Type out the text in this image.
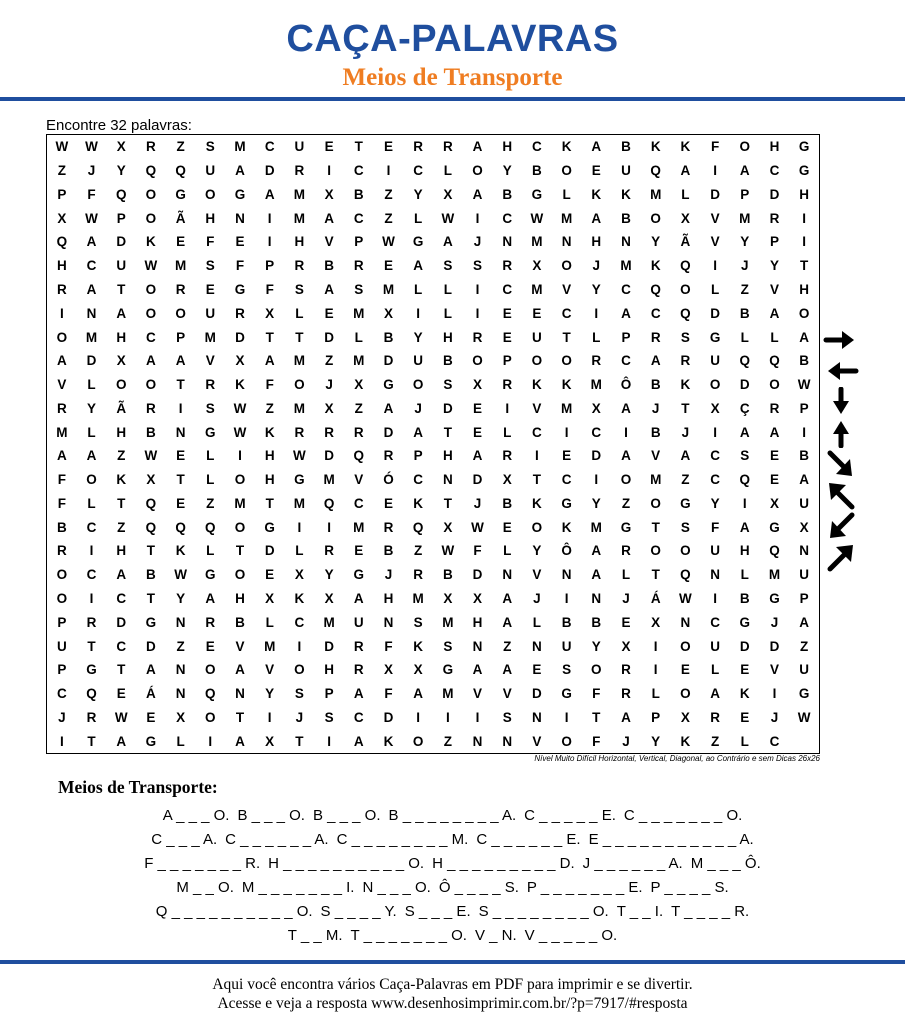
CAÇA-PALAVRAS
Meios de Transporte
Encontre 32 palavras:
W	W	X	R	Z	S	M	C	U	E	T	E	R	R	A	H	C	K	A	B	K	K	F	O	H	G
Z	J	Y	Q	Q	U	A	D	R	I	C	I	C	L	O	Y	B	O	E	U	Q	A	I	A	C	G
P	F	Q	O	G	O	G	A	M	X	B	Z	Y	X	A	B	G	L	K	K	M	L	D	P	D	H
X	W	P	O	Ã	H	N	I	M	A	C	Z	L	W	I	C	W	M	A	B	O	X	V	M	R	I
Q	A	D	K	E	F	E	I	H	V	P	W	G	A	J	N	M	N	H	N	Y	Ã	V	Y	P	I
H	C	U	W	M	S	F	P	R	B	R	E	A	S	S	R	X	O	J	M	K	Q	I	J	Y	T
R	A	T	O	R	E	G	F	S	A	S	M	L	L	I	C	M	V	Y	C	Q	O	L	Z	V	H
I	N	A	O	O	U	R	X	L	E	M	X	I	L	I	E	E	C	I	A	C	Q	D	B	A	O
O	M	H	C	P	M	D	T	T	D	L	B	Y	H	R	E	U	T	L	P	R	S	G	L	L	A
A	D	X	A	A	V	X	A	M	Z	M	D	U	B	O	P	O	O	R	C	A	R	U	Q	Q	B
V	L	O	O	T	R	K	F	O	J	X	G	O	S	X	R	K	K	M	Ô	B	K	O	D	O	W
R	Y	Ã	R	I	S	W	Z	M	X	Z	A	J	D	E	I	V	M	X	A	J	T	X	Ç	R	P
M	L	H	B	N	G	W	K	R	R	R	D	A	T	E	L	C	I	C	I	B	J	I	A	A	I
A	A	Z	W	E	L	I	H	W	D	Q	R	P	H	A	R	I	E	D	A	V	A	C	S	E	B
F	O	K	X	T	L	O	H	G	M	V	Ó	C	N	D	X	T	C	I	O	M	Z	C	Q	E	A
F	L	T	Q	E	Z	M	T	M	Q	C	E	K	T	J	B	K	G	Y	Z	O	G	Y	I	X	U
B	C	Z	Q	Q	Q	O	G	I	I	M	R	Q	X	W	E	O	K	M	G	T	S	F	A	G	X
R	I	H	T	K	L	T	D	L	R	E	B	Z	W	F	L	Y	Ô	A	R	O	O	U	H	Q	N
O	C	A	B	W	G	O	E	X	Y	G	J	R	B	D	N	V	N	A	L	T	Q	N	L	M	U
O	I	C	T	Y	A	H	X	K	X	A	H	M	X	X	A	J	I	N	J	Á	W	I	B	G	P
P	R	D	G	N	R	B	L	C	M	U	N	S	M	H	A	L	B	B	E	X	N	C	G	J	A
U	T	C	D	Z	E	V	M	I	D	R	F	K	S	N	Z	N	U	Y	X	I	O	U	D	D	Z
P	G	T	A	N	O	A	V	O	H	R	X	X	G	A	A	E	S	O	R	I	E	L	E	V	U
C	Q	E	Á	N	Q	N	Y	S	P	A	F	A	M	V	V	D	G	F	R	L	O	A	K	I	G
J	R	W	E	X	O	T	I	J	S	C	D	I	I	I	S	N	I	T	A	P	X	R	E	J	W
I	T	A	G	L	I	A	X	T	I	A	K	O	Z	N	N	V	O	F	J	Y	K	Z	L	C
Nível Muito Difícil Horizontal, Vertical, Diagonal, ao Contrário e sem Dicas 26x26
Meios de Transporte:
A _ _ _ O. B _ _ _ O. B _ _ _ O. B _ _ _ _ _ _ _ _ A. C _ _ _ _ _ E. C _ _ _ _ _ _ _ O.
C _ _ _ A. C _ _ _ _ _ _ A. C _ _ _ _ _ _ _ _ M. C _ _ _ _ _ _ E. E _ _ _ _ _ _ _ _ _ _ _ A.
F _ _ _ _ _ _ _ R. H _ _ _ _ _ _ _ _ _ _ O. H _ _ _ _ _ _ _ _ _ D. J _ _ _ _ _ _ A. M _ _ _ Ô.
M _ _ O. M _ _ _ _ _ _ _ I. N _ _ _ O. Ô _ _ _ _ S. P _ _ _ _ _ _ _ E. P _ _ _ _ S.
Q _ _ _ _ _ _ _ _ _ _ O. S _ _ _ _ Y. S _ _ _ E. S _ _ _ _ _ _ _ _ O. T _ _ I. T _ _ _ _ R.
T _ _ M. T _ _ _ _ _ _ _ O. V _ N. V _ _ _ _ _ O.
Aqui você encontra vários Caça-Palavras em PDF para imprimir e se divertir.
Acesse e veja a resposta www.desenhosimprimir.com.br/?p=7917/#resposta
